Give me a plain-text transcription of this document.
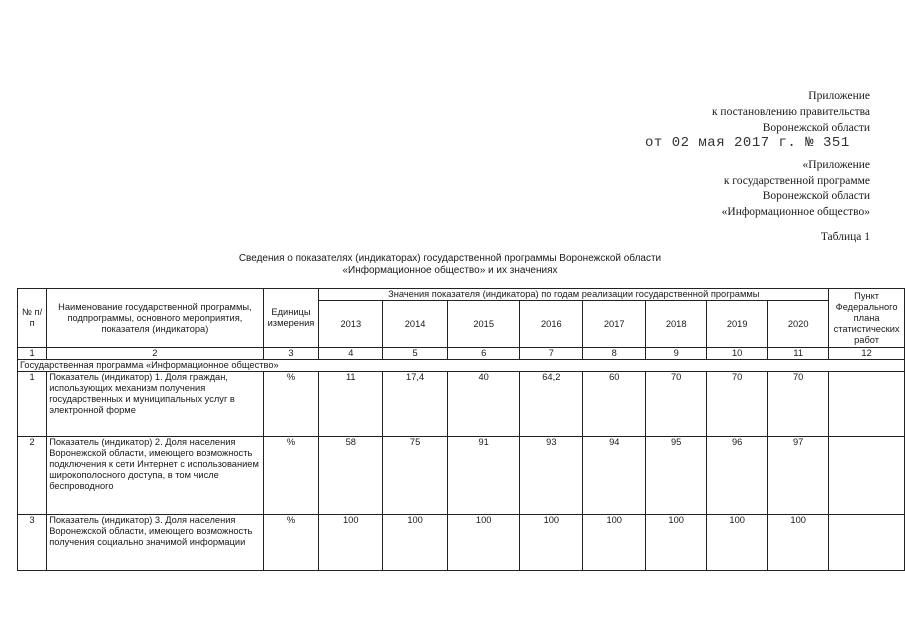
Приложение
к постановлению правительства
Воронежской области
от 02 мая 2017 г. № 351
«Приложение
к государственной программе
Воронежской области
«Информационное общество»
Таблица 1
Сведения о показателях (индикаторах) государственной программы Воронежской области
«Информационное общество» и их значениях
№ п/п	Наименование государственной программы, подпрограммы, основного мероприятия, показателя (индикатора)	Единицы измерения	Значения показателя (индикатора) по годам реализации государственной программы								Пункт Федерального плана статистических работ
			2013	2014	2015	2016	2017	2018	2019	2020	
1	2	3	4	5	6	7	8	9	10	11	12
Государственная программа «Информационное общество»											
1	Показатель (индикатор) 1. Доля граждан, использующих механизм получения государственных и муниципальных услуг в электронной форме	%	11	17,4	40	64,2	60	70	70	70	
2	Показатель (индикатор) 2. Доля населения Воронежской области, имеющего возможность подключения к сети Интернет с использованием широкополосного доступа, в том числе беспроводного	%	58	75	91	93	94	95	96	97	
3	Показатель (индикатор) 3. Доля населения Воронежской области, имеющего возможность получения социально значимой информации	%	100	100	100	100	100	100	100	100	
